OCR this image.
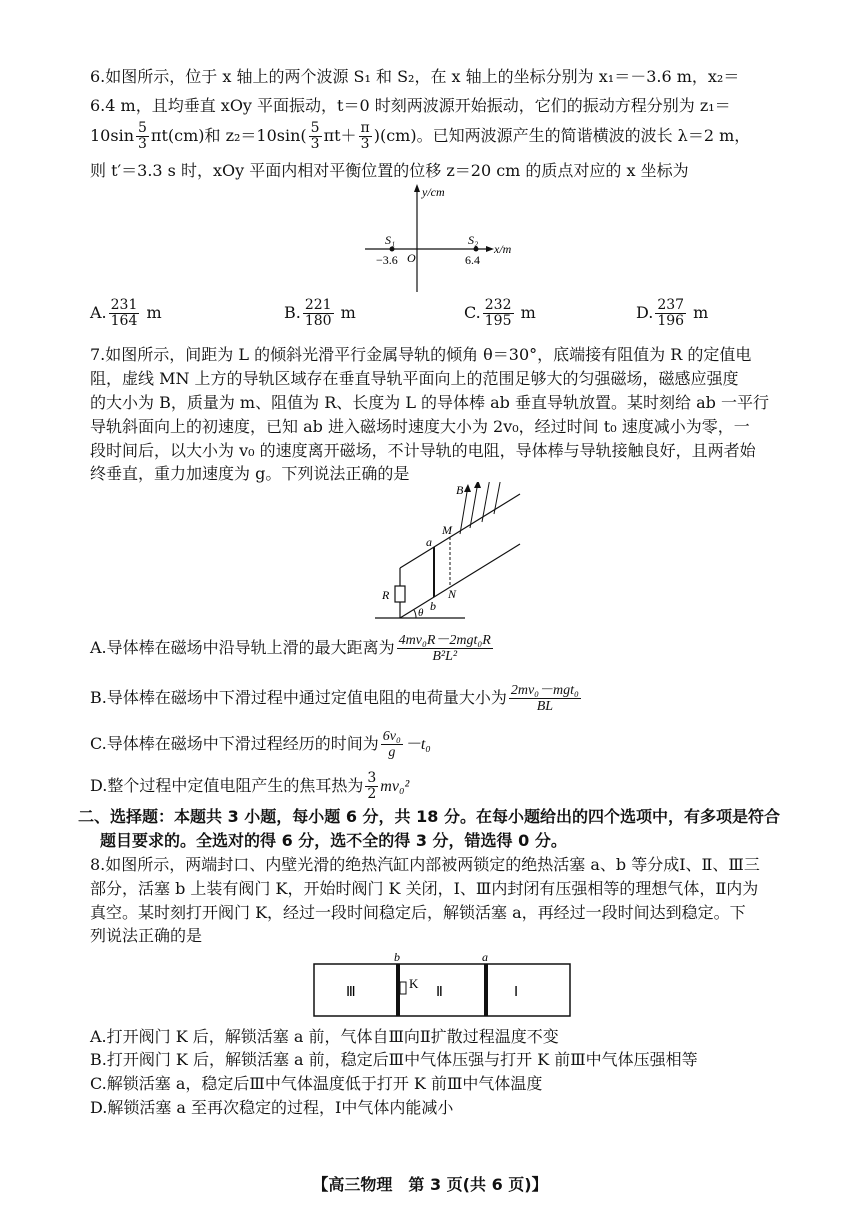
6.如图所示，位于 x 轴上的两个波源 S₁ 和 S₂，在 x 轴上的坐标分别为 x₁＝－3.6 m，x₂＝
6.4 m，且均垂直 xOy 平面振动，t＝0 时刻两波源开始振动，它们的振动方程分别为 z₁＝
$10\sin \frac{5}{3} \pi t(cm)$和 $z_2=10\sin( \frac{5}{3} \pi t+ \frac{\pi}{3} )(cm)$。已知两波源产生的简谐横波的波长 λ＝2 m，
则 t′＝3.3 s 时，xOy 平面内相对平衡位置的位移 z＝20 cm 的质点对应的 x 坐标为
y/cm
x/m
S₁	S₂
O
−3.6	6.4
A. $\frac{231}{164}$ m	B. $\frac{221}{180}$ m	C. $\frac{232}{195}$ m	D. $\frac{237}{196}$ m
7.如图所示，间距为 L 的倾斜光滑平行金属导轨的倾角 θ＝30°，底端接有阻值为 R 的定值电
阻，虚线 MN 上方的导轨区域存在垂直导轨平面向上的范围足够大的匀强磁场，磁感应强度
的大小为 B，质量为 m、阻值为 R、长度为 L 的导体棒 ab 垂直导轨放置。某时刻给 ab 一平行
导轨斜面向上的初速度，已知 ab 进入磁场时速度大小为 2v₀，经过时间 t₀ 速度减小为零，一
段时间后，以大小为 v₀ 的速度离开磁场，不计导轨的电阻，导体棒与导轨接触良好，且两者始
终垂直，重力加速度为 g。下列说法正确的是
B
M
N
a
b
R
θ
A.导体棒在磁场中沿导轨上滑的最大距离为 $\frac{\text{4mv₀R－2mgt₀R}}{\text{B²L²}}$
B.导体棒在磁场中下滑过程中通过定值电阻的电荷量大小为 $\frac{\text{2mv₀－mgt₀}}{BL}$
C.导体棒在磁场中下滑过程经历的时间为 $\frac{\text{6v₀}}{g} -t_0$
D.整个过程中定值电阻产生的焦耳热为 $\frac{3}{2} mv_0^2$
二、选择题：本题共 3 小题，每小题 6 分，共 18 分。在每小题给出的四个选项中，有多项是符合
题目要求的。全选对的得 6 分，选不全的得 3 分，错选得 0 分。
8.如图所示，两端封口、内壁光滑的绝热汽缸内部被两锁定的绝热活塞 a、b 等分成Ⅰ、Ⅱ、Ⅲ三
部分，活塞 b 上装有阀门 K，开始时阀门 K 关闭，Ⅰ、Ⅲ内封闭有压强相等的理想气体，Ⅱ内为
真空。某时刻打开阀门 K，经过一段时间稳定后，解锁活塞 a，再经过一段时间达到稳定。下
列说法正确的是
b	a
Ⅲ
K
Ⅱ	Ⅰ
A.打开阀门 K 后，解锁活塞 a 前，气体自Ⅲ向Ⅱ扩散过程温度不变
B.打开阀门 K 后，解锁活塞 a 前，稳定后Ⅲ中气体压强与打开 K 前Ⅲ中气体压强相等
C.解锁活塞 a，稳定后Ⅲ中气体温度低于打开 K 前Ⅲ中气体温度
D.解锁活塞 a 至再次稳定的过程，Ⅰ中气体内能减小
【高三物理　第 3 页(共 6 页)】
